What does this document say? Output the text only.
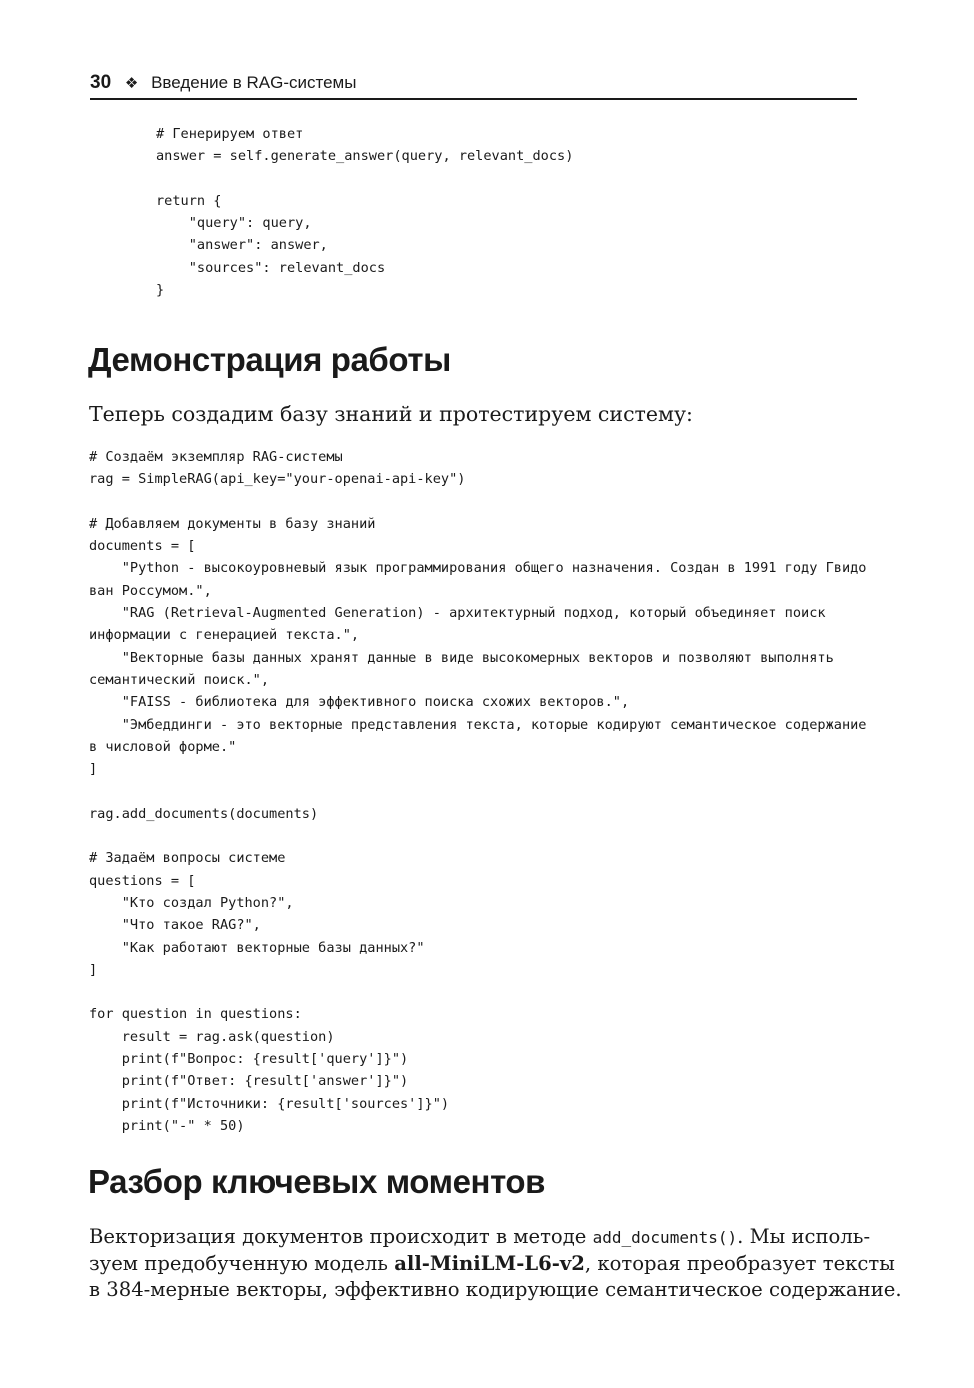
30 ❖ Введение в RAG-системы
# Генерируем ответ
answer = self.generate_answer(query, relevant_docs)
return {
"query": query,
"answer": answer,
"sources": relevant_docs
}
Демонстрация работы

Теперь создадим базу знаний и протестируем систему:

# Создаём экземпляр RAG-системы
rag = SimpleRAG(api_key="your-openai-api-key")
# Добавляем документы в базу знаний
documents = [
"Python - высокоуровневый язык программирования общего назначения. Создан в 1991 году Гвидо
ван Россумом.",
"RAG (Retrieval-Augmented Generation) - архитектурный подход, который объединяет поиск
информации с генерацией текста.",
"Векторные базы данных хранят данные в виде высокомерных векторов и позволяют выполнять
семантический поиск.",
"FAISS - библиотека для эффективного поиска схожих векторов.",
"Эмбеддинги - это векторные представления текста, которые кодируют семантическое содержание
в числовой форме."
]
rag.add_documents(documents)
# Задаём вопросы системе
questions = [
"Кто создал Python?",
"Что такое RAG?",
"Как работают векторные базы данных?"
]
for question in questions:
result = rag.ask(question)
print(f"Вопрос: {result['query']}")
print(f"Ответ: {result['answer']}")
print(f"Источники: {result['sources']}")
print("-" * 50)
Разбор ключевых моментов

Векторизация документов происходит в методе add_documents(). Мы исполь-
зуем предобученную модель all-MiniLM-L6-v2, которая преобразует тексты
в 384-мерные векторы, эффективно кодирующие семантическое содержание.
